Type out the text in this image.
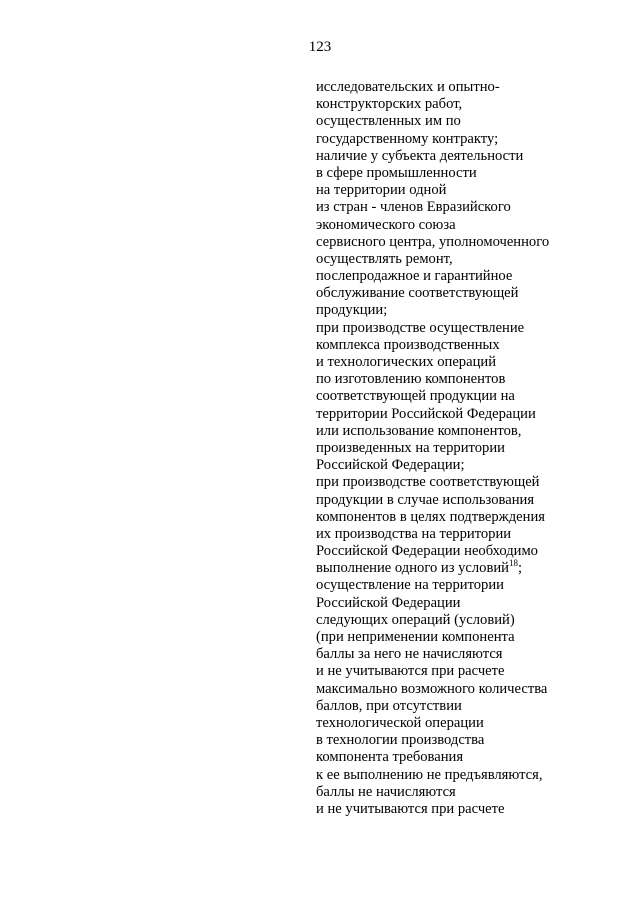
123
исследовательских и опытно-
конструкторских работ,
осуществленных им по
государственному контракту;
наличие у субъекта деятельности
в сфере промышленности
на территории одной
из стран - членов Евразийского
экономического союза
сервисного центра, уполномоченного
осуществлять ремонт,
послепродажное и гарантийное
обслуживание соответствующей
продукции;
при производстве осуществление
комплекса производственных
и технологических операций
по изготовлению компонентов
соответствующей продукции на
территории Российской Федерации
или использование компонентов,
произведенных на территории
Российской Федерации;
при производстве соответствующей
продукции в случае использования
компонентов в целях подтверждения
их производства на территории
Российской Федерации необходимо
выполнение одного из условий$^{18}$;
осуществление на территории
Российской Федерации
следующих операций (условий)
(при неприменении компонента
баллы за него не начисляются
и не учитываются при расчете
максимально возможного количества
баллов, при отсутствии
технологической операции
в технологии производства
компонента требования
к ее выполнению не предъявляются,
баллы не начисляются
и не учитываются при расчете
